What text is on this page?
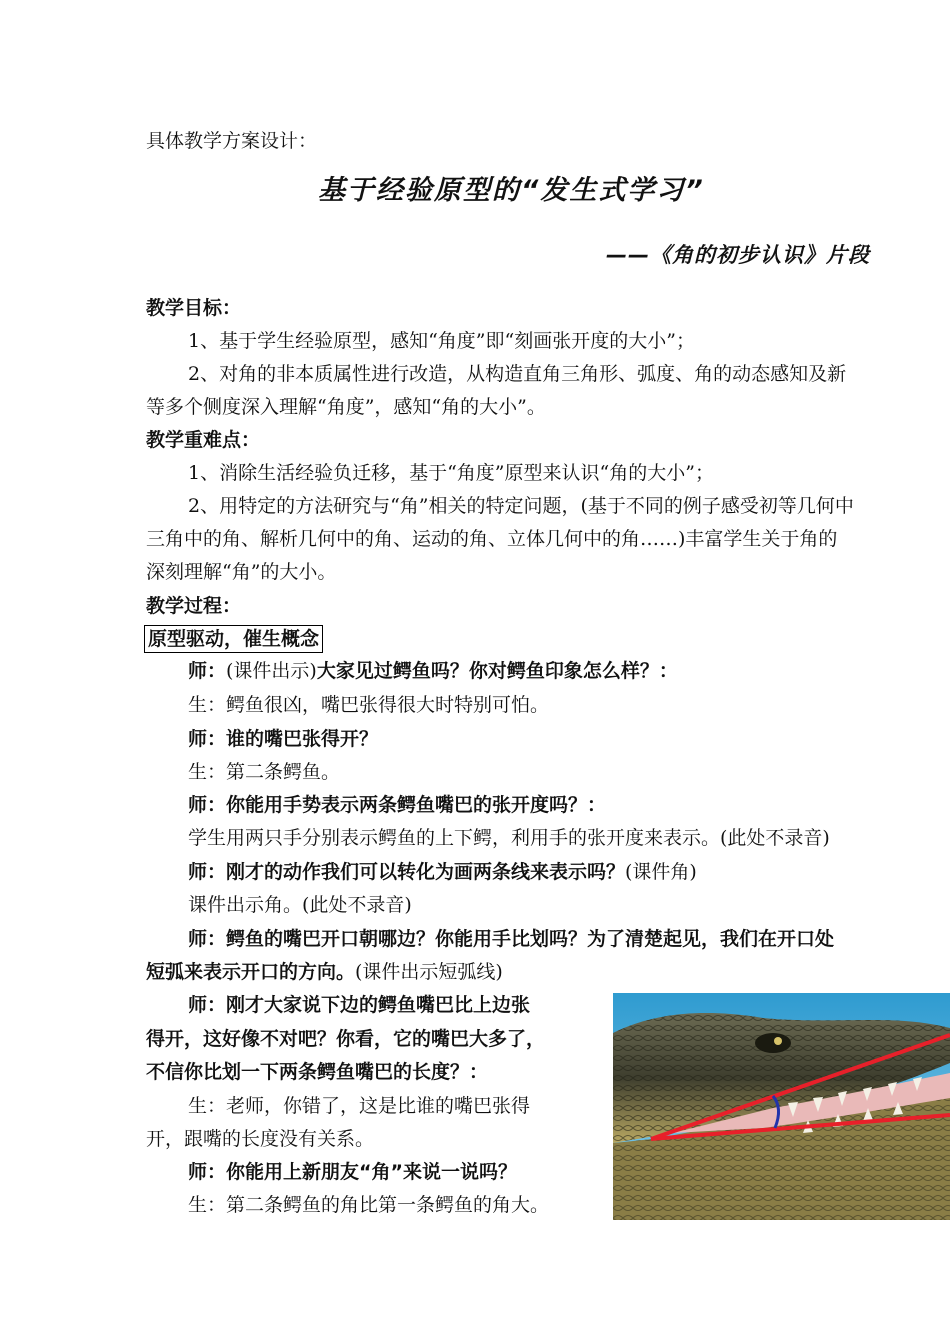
具体教学方案设计：
基于经验原型的“发生式学习”
——《角的初步认识》片段
教学目标：
1、基于学生经验原型，感知“角度”即“刻画张开度的大小”；
2、对角的非本质属性进行改造，从构造直角三角形、弧度、角的动态感知及新
等多个侧度深入理解“角度”，感知“角的大小”。
教学重难点：
1、消除生活经验负迁移，基于“角度”原型来认识“角的大小”；
2、用特定的方法研究与“角”相关的特定问题，(基于不同的例子感受初等几何中
三角中的角、解析几何中的角、运动的角、立体几何中的角……)丰富学生关于角的
深刻理解“角”的大小。
教学过程：
原型驱动，催生概念
师：(课件出示)大家见过鳄鱼吗？你对鳄鱼印象怎么样？：
生：鳄鱼很凶，嘴巴张得很大时特别可怕。
师：谁的嘴巴张得开？
生：第二条鳄鱼。
师：你能用手势表示两条鳄鱼嘴巴的张开度吗？：
学生用两只手分别表示鳄鱼的上下鳄，利用手的张开度来表示。(此处不录音)
师：刚才的动作我们可以转化为画两条线来表示吗？(课件角)
课件出示角。(此处不录音)
师：鳄鱼的嘴巴开口朝哪边？你能用手比划吗？为了清楚起见，我们在开口处
短弧来表示开口的方向。(课件出示短弧线)
师：刚才大家说下边的鳄鱼嘴巴比上边张
得开，这好像不对吧？你看，它的嘴巴大多了，
不信你比划一下两条鳄鱼嘴巴的长度？：
生：老师，你错了，这是比谁的嘴巴张得
开，跟嘴的长度没有关系。
师：你能用上新朋友“角”来说一说吗？
生：第二条鳄鱼的角比第一条鳄鱼的角大。
